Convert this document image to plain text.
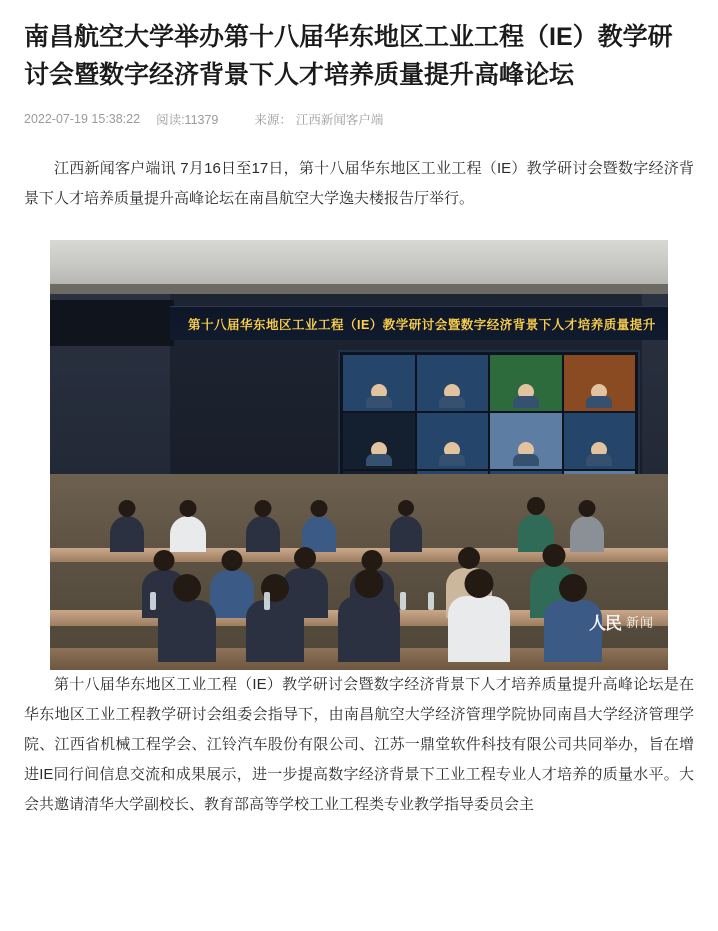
南昌航空大学举办第十八届华东地区工业工程（IE）教学研讨会暨数字经济背景下人才培养质量提升高峰论坛
2022-07-19 15:38:22 阅读:11379	来源： 江西新闻客户端

江西新闻客户端讯 7月16日至17日，第十八届华东地区工业工程（IE）教学研讨会暨数字经济背景下人才培养质量提升高峰论坛在南昌航空大学逸夫楼报告厅举行。

第十八届华东地区工业工程（IE）教学研讨会暨数字经济背景下人才培养质量提升
人民 新闻

第十八届华东地区工业工程（IE）教学研讨会暨数字经济背景下人才培养质量提升高峰论坛是在华东地区工业工程教学研讨会组委会指导下，由南昌航空大学经济管理学院协同南昌大学经济管理学院、江西省机械工程学会、江铃汽车股份有限公司、江苏一鼎堂软件科技有限公司共同举办，旨在增进IE同行间信息交流和成果展示，进一步提高数字经济背景下工业工程专业人才培养的质量水平。大会共邀请清华大学副校长、教育部高等学校工业工程类专业教学指导委员会主
